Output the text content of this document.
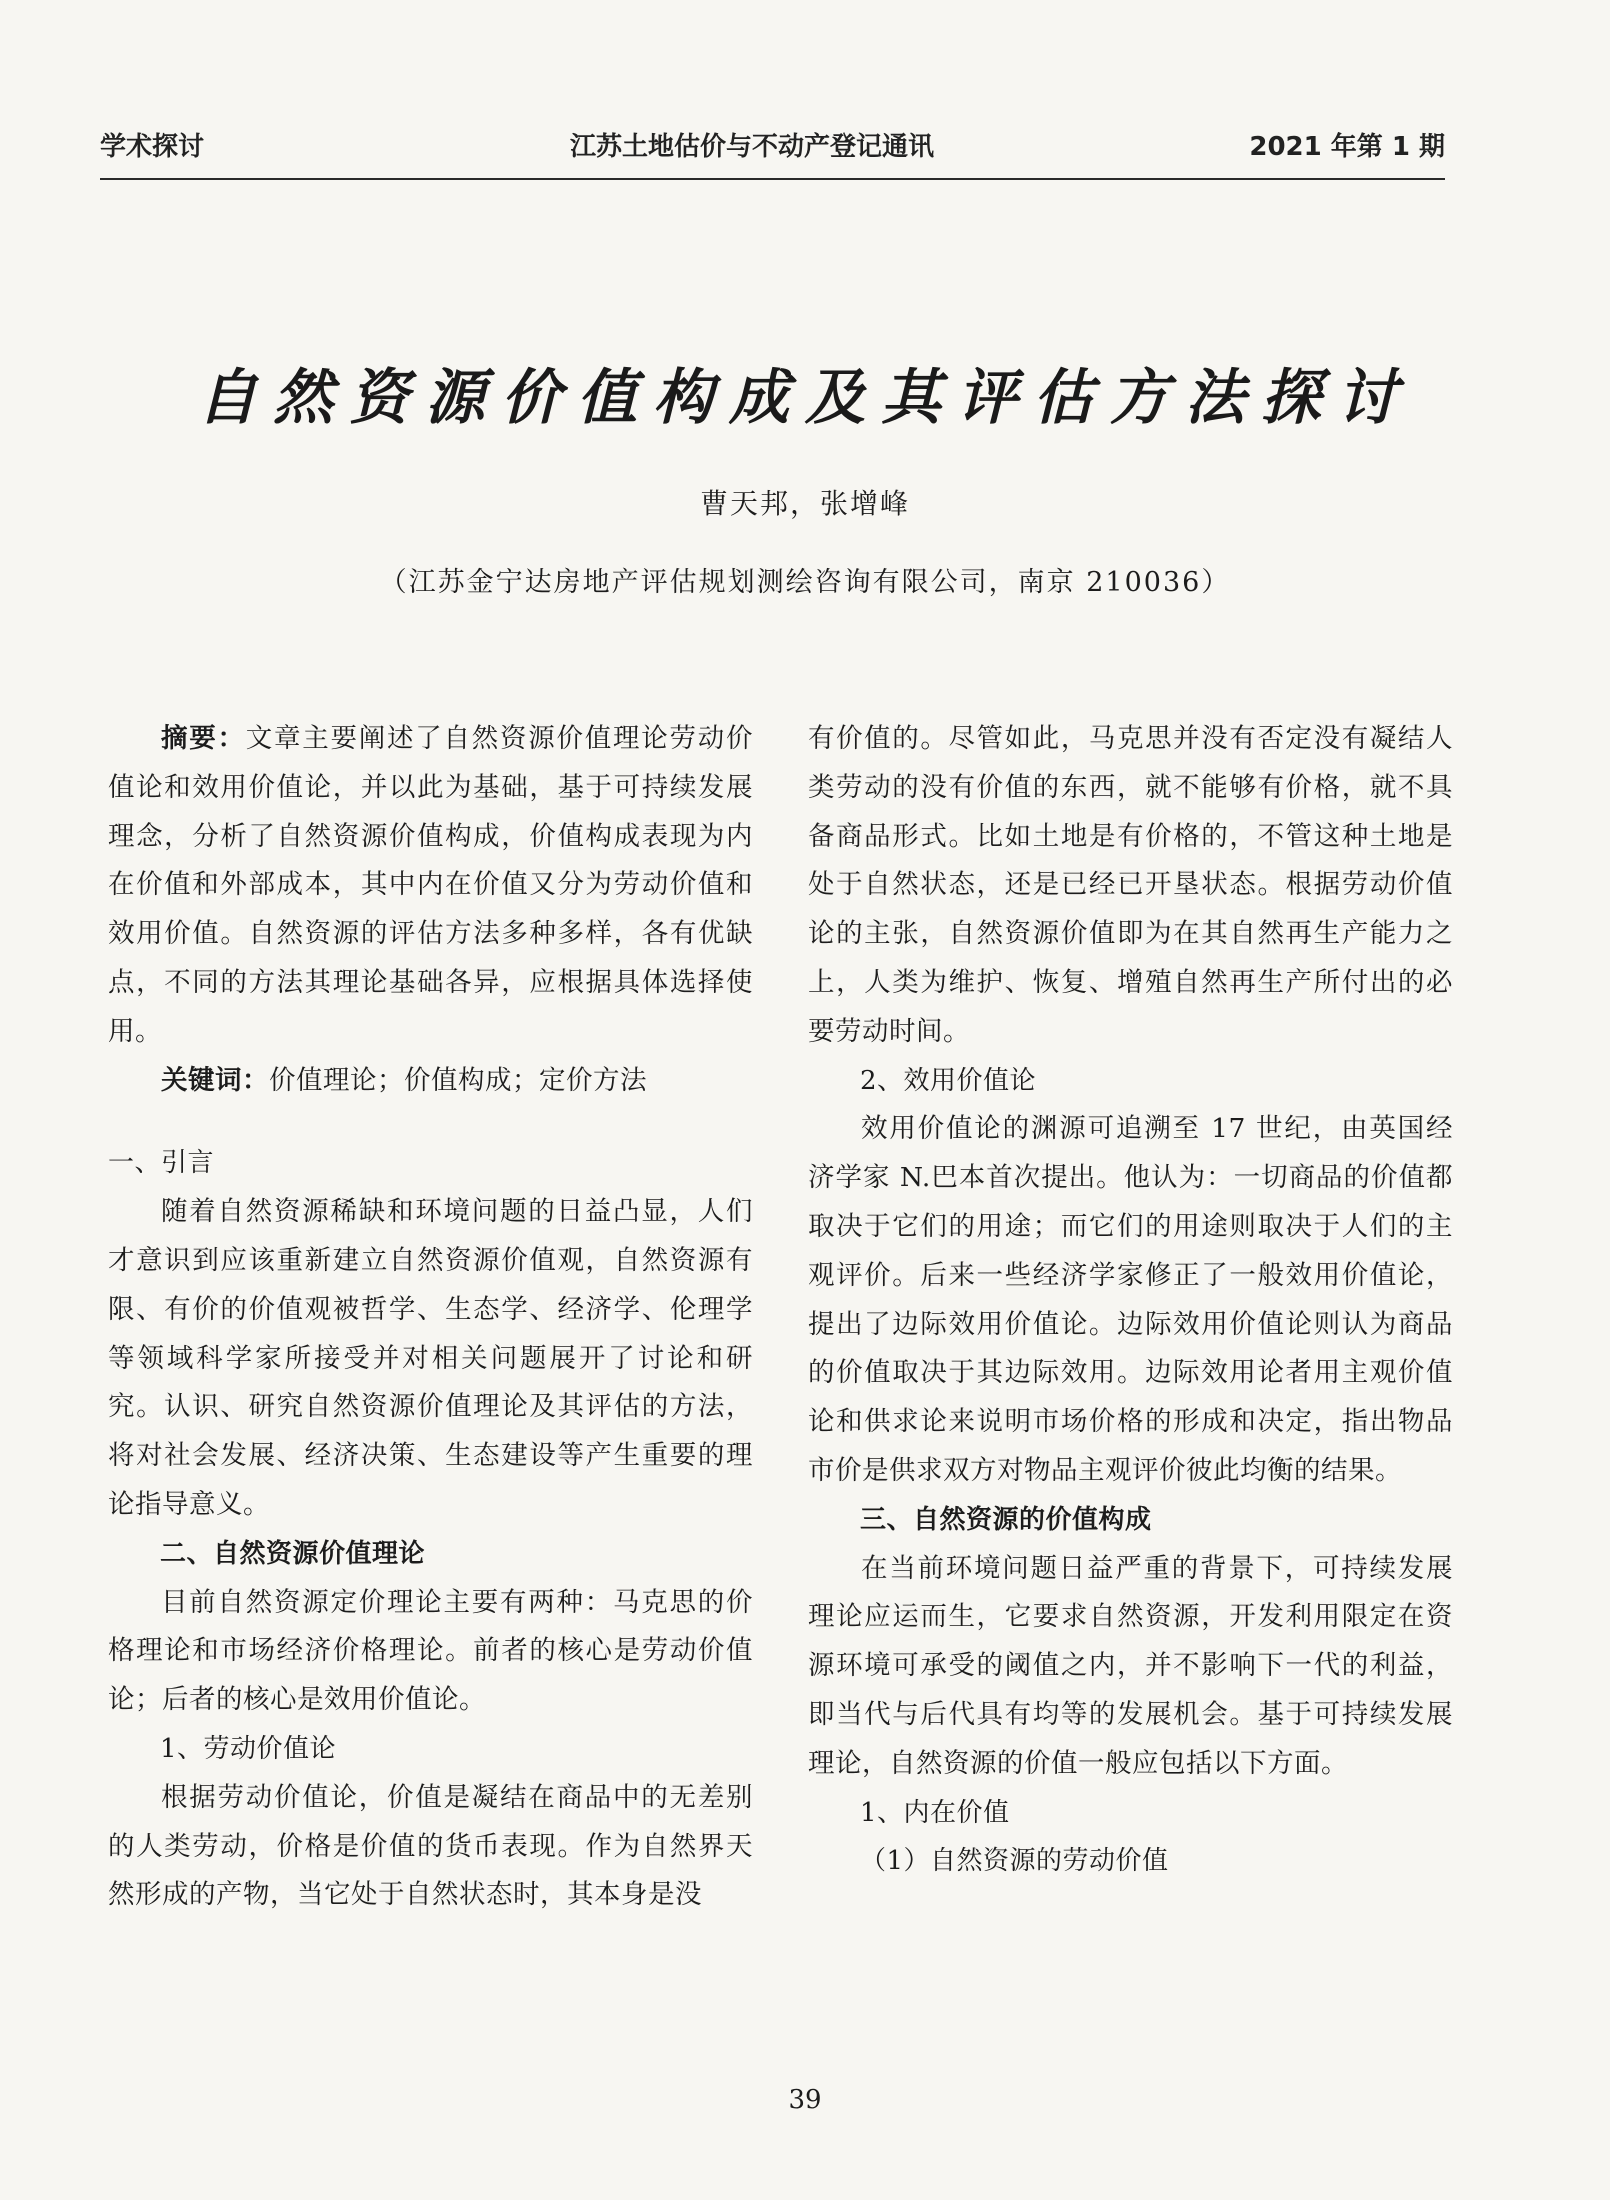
学术探讨	江苏土地估价与不动产登记通讯	2021 年第 1 期
自然资源价值构成及其评估方法探讨
曹天邦，张增峰
（江苏金宁达房地产评估规划测绘咨询有限公司，南京 210036）

摘要：文章主要阐述了自然资源价值理论劳动价值论和效用价值论，并以此为基础，基于可持续发展理念，分析了自然资源价值构成，价值构成表现为内在价值和外部成本，其中内在价值又分为劳动价值和效用价值。自然资源的评估方法多种多样，各有优缺点，不同的方法其理论基础各异，应根据具体选择使用。

关键词：价值理论；价值构成；定价方法

一、引言

随着自然资源稀缺和环境问题的日益凸显，人们才意识到应该重新建立自然资源价值观，自然资源有限、有价的价值观被哲学、生态学、经济学、伦理学等领域科学家所接受并对相关问题展开了讨论和研究。认识、研究自然资源价值理论及其评估的方法，将对社会发展、经济决策、生态建设等产生重要的理论指导意义。

二、自然资源价值理论

目前自然资源定价理论主要有两种：马克思的价格理论和市场经济价格理论。前者的核心是劳动价值论；后者的核心是效用价值论。

1、劳动价值论

根据劳动价值论，价值是凝结在商品中的无差别的人类劳动，价格是价值的货币表现。作为自然界天然形成的产物，当它处于自然状态时，其本身是没

有价值的。尽管如此，马克思并没有否定没有凝结人类劳动的没有价值的东西，就不能够有价格，就不具备商品形式。比如土地是有价格的，不管这种土地是处于自然状态，还是已经已开垦状态。根据劳动价值论的主张，自然资源价值即为在其自然再生产能力之上，人类为维护、恢复、增殖自然再生产所付出的必要劳动时间。

2、效用价值论

效用价值论的渊源可追溯至 17 世纪，由英国经济学家 N.巴本首次提出。他认为：一切商品的价值都取决于它们的用途；而它们的用途则取决于人们的主观评价。后来一些经济学家修正了一般效用价值论，提出了边际效用价值论。边际效用价值论则认为商品的价值取决于其边际效用。边际效用论者用主观价值论和供求论来说明市场价格的形成和决定，指出物品市价是供求双方对物品主观评价彼此均衡的结果。

三、自然资源的价值构成

在当前环境问题日益严重的背景下，可持续发展理论应运而生，它要求自然资源，开发利用限定在资源环境可承受的阈值之内，并不影响下一代的利益，即当代与后代具有均等的发展机会。基于可持续发展理论，自然资源的价值一般应包括以下方面。

1、内在价值

（1）自然资源的劳动价值

39
